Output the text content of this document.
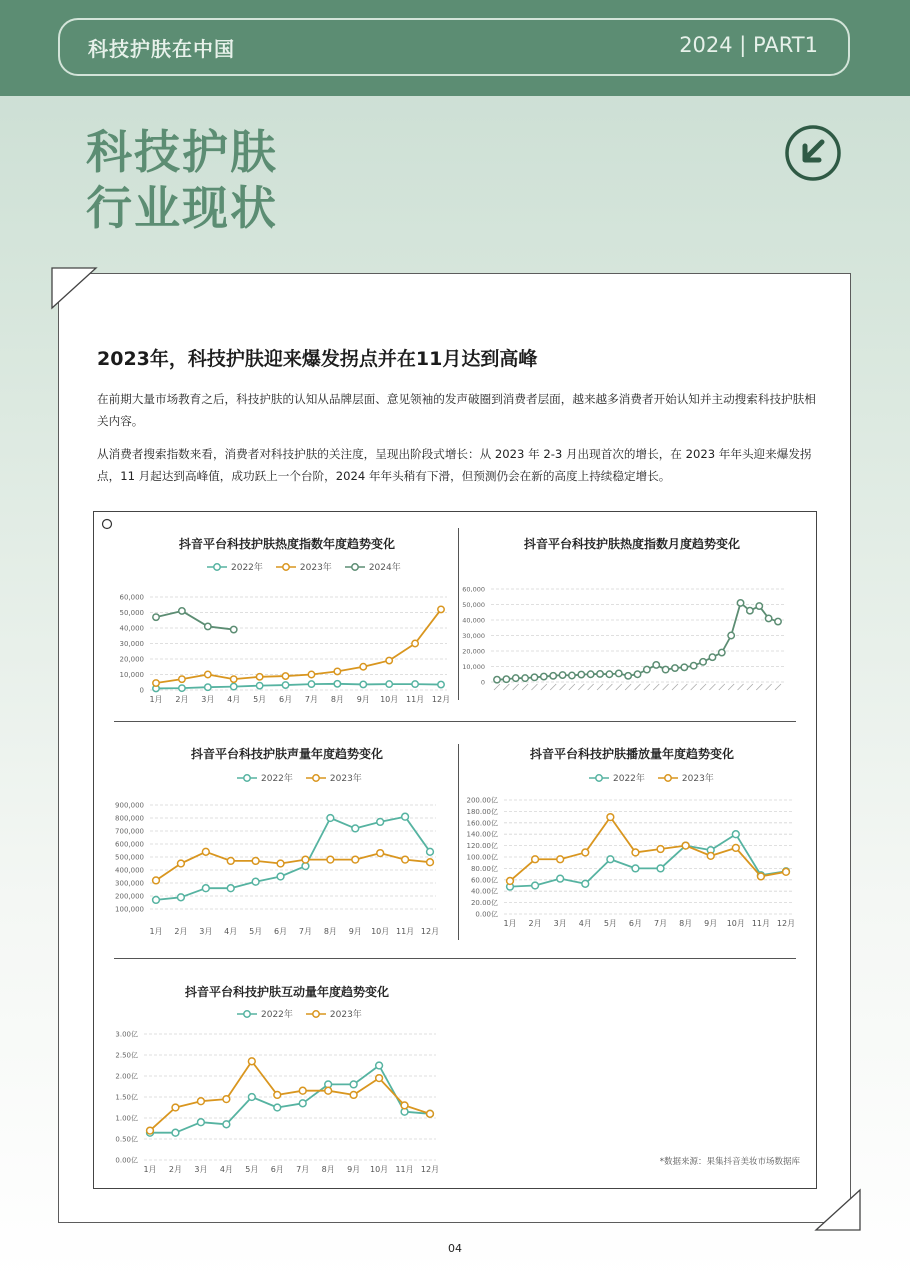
科技护肤在中国	2024 | PART1
科技护肤
行业现状
2023年，科技护肤迎来爆发拐点并在11月达到高峰
在前期大量市场教育之后，科技护肤的认知从品牌层面、意见领袖的发声破圈到消费者层面，越来越多消费者开始认知并主动搜索科技护肤相关内容。
从消费者搜索指数来看，消费者对科技护肤的关注度，呈现出阶段式增长：从 2023 年 2-3 月出现首次的增长，在 2023 年年头迎来爆发拐点，11 月起达到高峰值，成功跃上一个台阶，2024 年年头稍有下滑，但预测仍会在新的高度上持续稳定增长。
抖音平台科技护肤热度指数年度趋势变化
2022年	2023年	2024年
0
10,000
20,000
30,000
40,000
50,000
60,000
1月 2月 3月 4月 5月 6月 7月 8月 9月 10月 11月 12月
抖音平台科技护肤热度指数月度趋势变化
0
10,000
20,000
30,000
40,000
50,000
60,000
抖音平台科技护肤声量年度趋势变化
2022年	2023年
100,000
200,000
300,000
400,000
500,000
600,000
700,000
800,000
900,000
1月 2月 3月 4月 5月 6月 7月 8月 9月 10月 11月 12月
抖音平台科技护肤播放量年度趋势变化
2022年	2023年
0.00亿
20.00亿
40.00亿
60.00亿
80.00亿
100.00亿
120.00亿
140.00亿
160.00亿
180.00亿
200.00亿
1月 2月 3月 4月 5月 6月 7月 8月 9月 10月 11月 12月
抖音平台科技护肤互动量年度趋势变化
2022年	2023年
0.00亿
0.50亿
1.00亿
1.50亿
2.00亿
2.50亿
3.00亿
1月 2月 3月 4月 5月 6月 7月 8月 9月 10月 11月 12月
*数据来源：果集抖音美妆市场数据库
04
